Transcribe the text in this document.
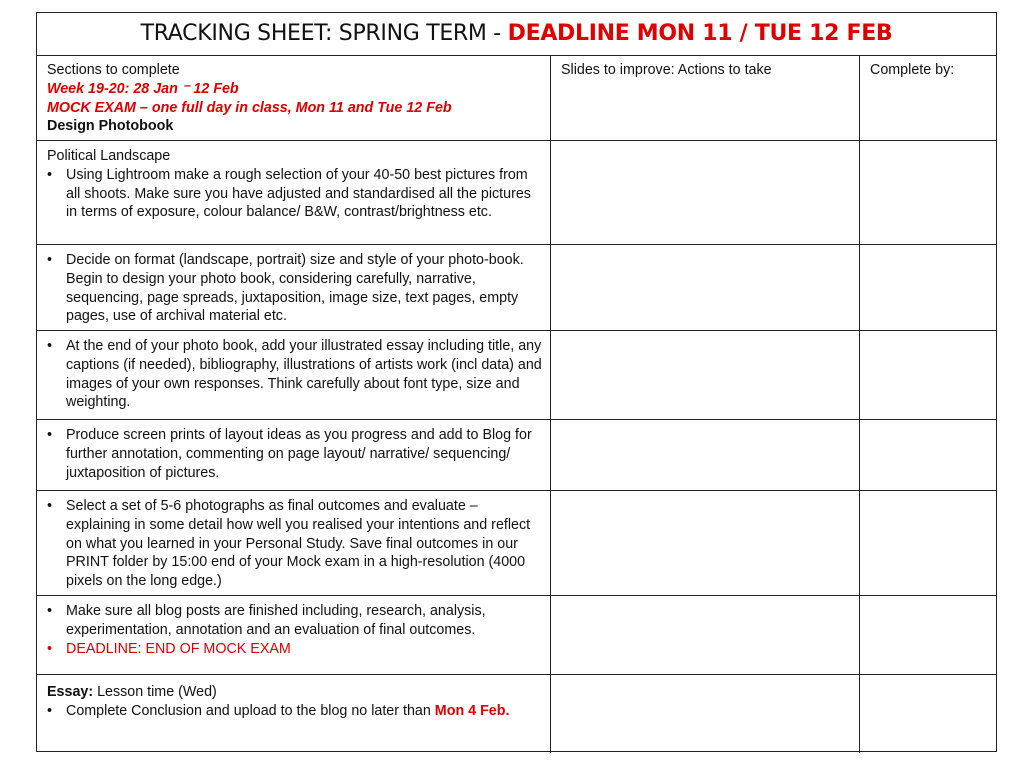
TRACKING SHEET: SPRING TERM - DEADLINE MON 11 / TUE 12 FEB
Sections to complete
Week 19-20: 28 Jan ⁻ 12 Feb
MOCK EXAM – one full day in class, Mon 11 and Tue 12 Feb
Design Photobook
Slides to improve: Actions to take	Complete by:
Political Landscape
• Using Lightroom make a rough selection of your 40-50 best pictures from all shoots. Make sure you have adjusted and standardised all the pictures in terms of exposure, colour balance/ B&W, contrast/brightness etc.
• Decide on format (landscape, portrait) size and style of your photo-book. Begin to design your photo book, considering carefully, narrative, sequencing, page spreads, juxtaposition, image size, text pages, empty pages, use of archival material etc.
• At the end of your photo book, add your illustrated essay including title, any captions (if needed), bibliography, illustrations of artists work (incl data) and images of your own responses. Think carefully about font type, size and weighting.
• Produce screen prints of layout ideas as you progress and add to Blog for further annotation, commenting on page layout/ narrative/ sequencing/ juxtaposition of pictures.
• Select a set of 5-6 photographs as final outcomes and evaluate – explaining in some detail how well you realised your intentions and reflect on what you learned in your Personal Study. Save final outcomes in our PRINT folder by 15:00 end of your Mock exam in a high-resolution (4000 pixels on the long edge.)
• Make sure all blog posts are finished including, research, analysis, experimentation, annotation and an evaluation of final outcomes.
• DEADLINE: END OF MOCK EXAM
Essay: Lesson time (Wed)
• Complete Conclusion and upload to the blog no later than Mon 4 Feb.
